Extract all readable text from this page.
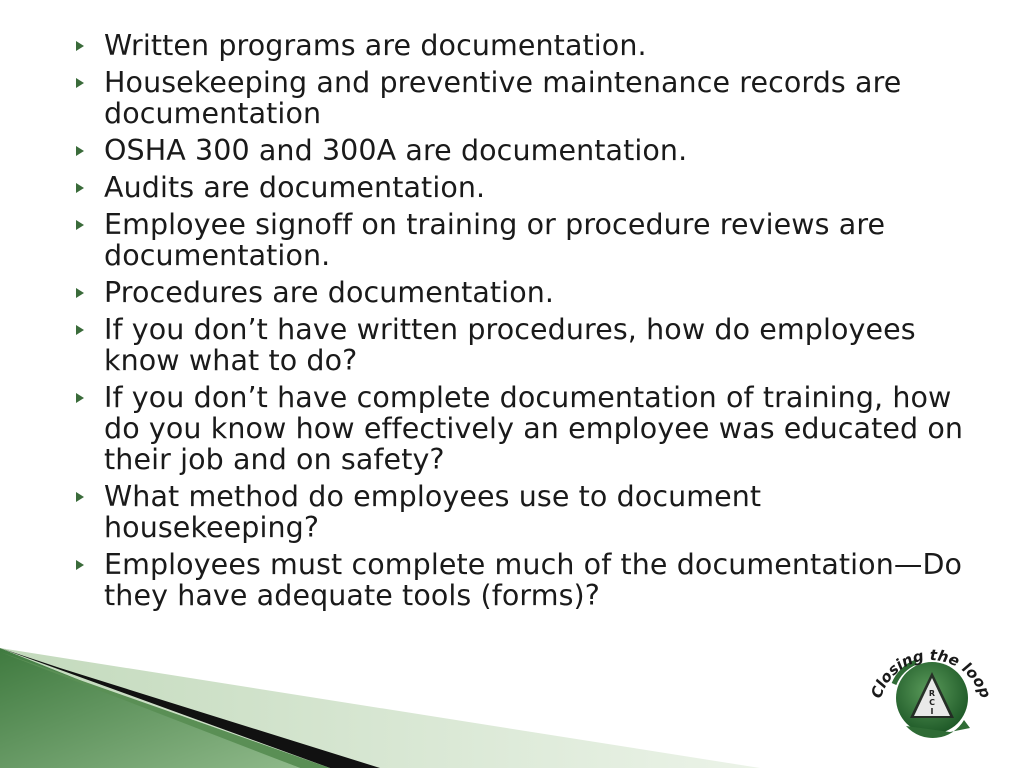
Written programs are documentation.
Housekeeping and preventive maintenance records are documentation
OSHA 300 and 300A are documentation.
Audits are documentation.
Employee signoff on training or procedure reviews are documentation.
Procedures are documentation.
If you don’t have written procedures, how do employees know what to do?
If you don’t have complete documentation of training, how do you know how effectively an employee was educated on their job and on safety?
What method do employees use to document housekeeping?
Employees must complete much of the documentation—Do they have adequate tools (forms)?
R
C
I
Closing the loop
